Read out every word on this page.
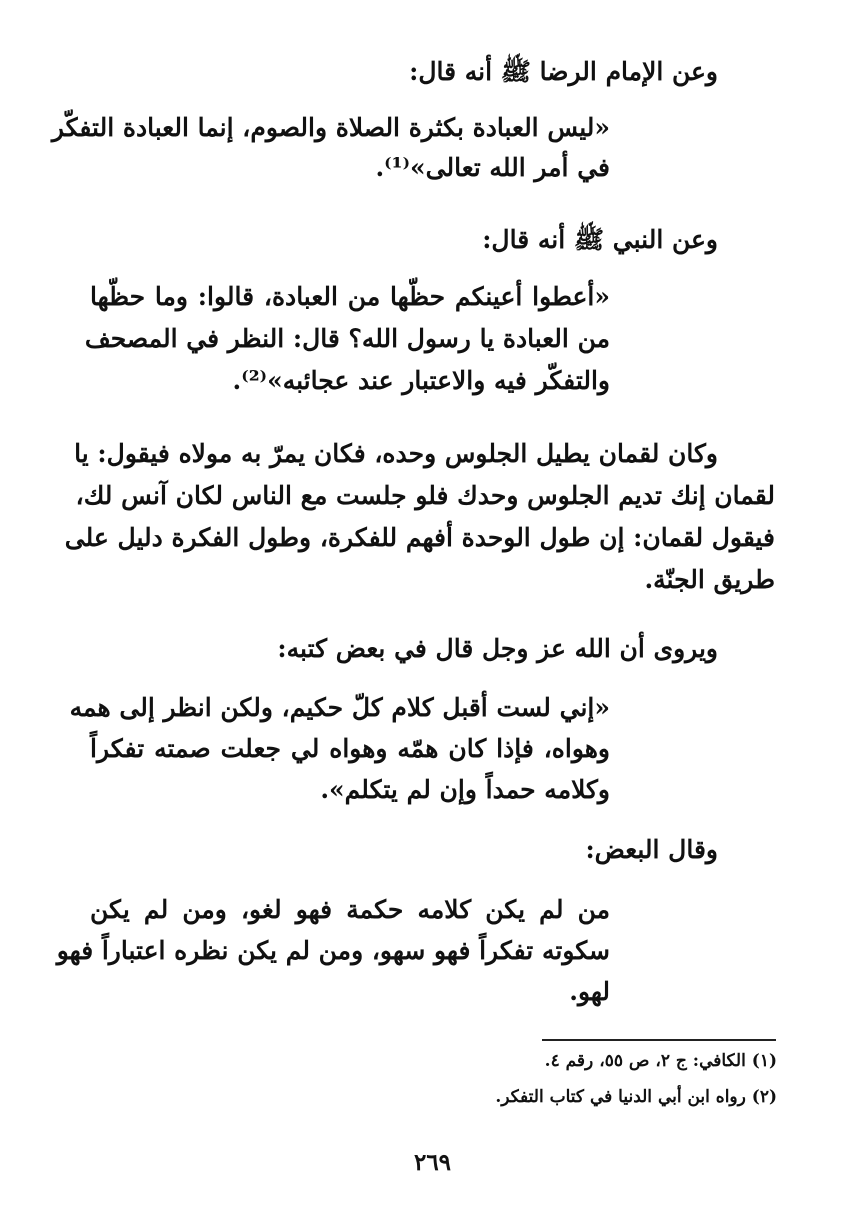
وعن الإمام الرضا ﷺ أنه قال:
«ليس العبادة بكثرة الصلاة والصوم، إنما العبادة التفكّر
في أمر الله تعالى»⁽¹⁾.
وعن النبي ﷺ أنه قال:
«أعطوا أعينكم حظّها من العبادة، قالوا: وما حظّها
من العبادة يا رسول الله؟ قال: النظر في المصحف
والتفكّر فيه والاعتبار عند عجائبه»⁽²⁾.
وكان لقمان يطيل الجلوس وحده، فكان يمرّ به مولاه فيقول: يا
لقمان إنك تديم الجلوس وحدك فلو جلست مع الناس لكان آنس لك،
فيقول لقمان: إن طول الوحدة أفهم للفكرة، وطول الفكرة دليل على
طريق الجنّة.
ويروى أن الله عز وجل قال في بعض كتبه:
«إني لست أقبل كلام كلّ حكيم، ولكن انظر إلى همه
وهواه، فإذا كان همّه وهواه لي جعلت صمته تفكراً
وكلامه حمداً وإن لم يتكلم».
وقال البعض:
من لم يكن كلامه حكمة فهو لغو، ومن لم يكن
سكوته تفكراً فهو سهو، ومن لم يكن نظره اعتباراً فهو
لهو.
(١) الكافي: ج ٢، ص ٥٥، رقم ٤.
(٢) رواه ابن أبي الدنيا في كتاب التفكر.
٢٦٩
